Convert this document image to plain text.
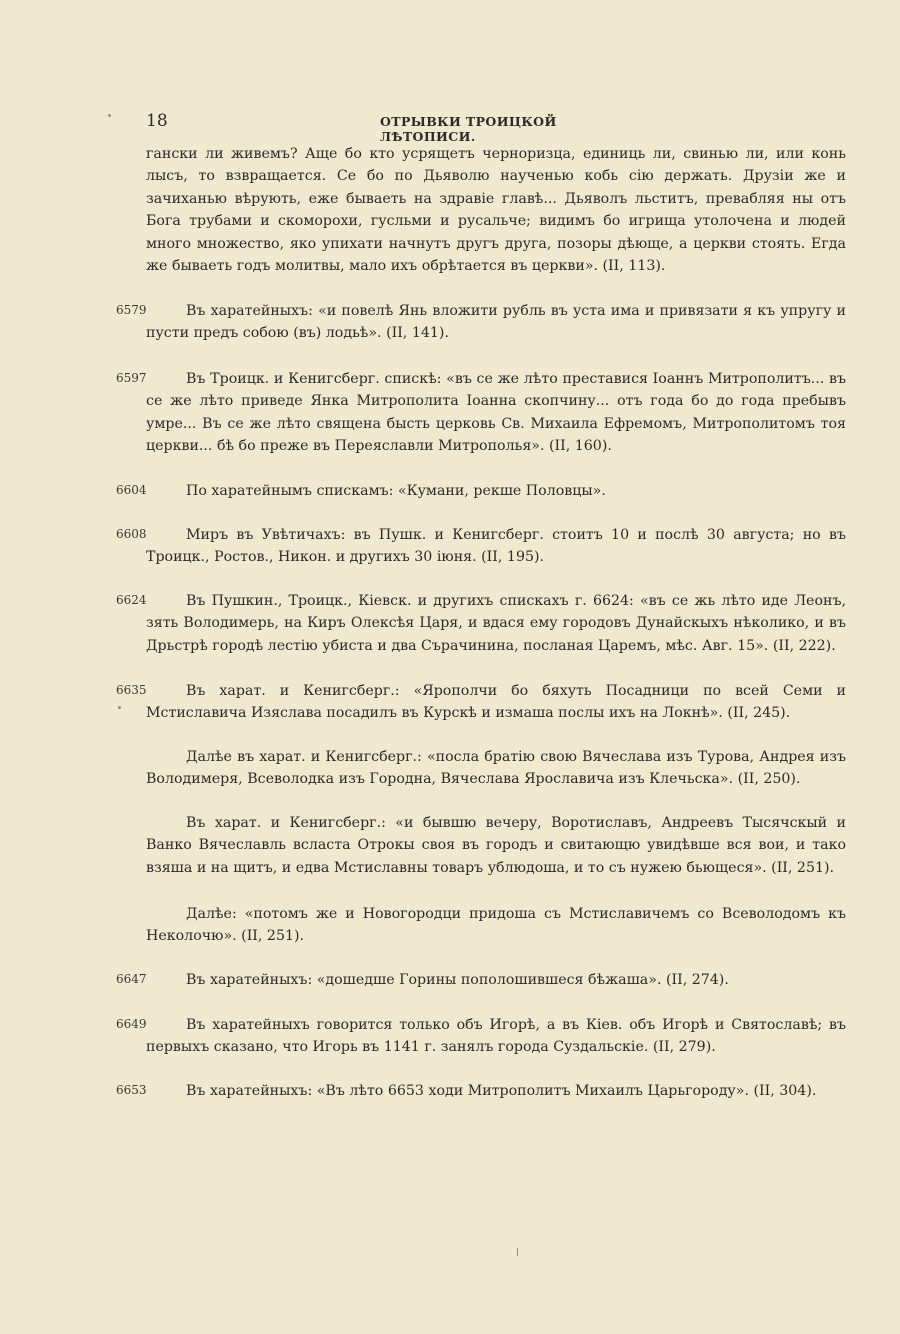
18	ОТРЫВКИ ТРОИЦКОЙ ЛѢТОПИСИ.

гански ли живемъ? Аще бо кто усрящетъ черноризца, единиць ли, свинью ли, или конь лысъ, то взвращается. Се бо по Дьяволю наученью кобь сію держать. Друзіи же и зачиханью вѣрують, еже бываеть на здравіе главѣ... Дьяволъ льститъ, превабляя ны отъ Бога трубами и скоморохи, гусльми и русальче; видимъ бо игрища утолочена и людей много множество, яко упихати начнутъ другъ друга, позоры дѣюще, а церкви стоять. Егда же бываеть годъ молитвы, мало ихъ обрѣтается въ церкви». (II, 113).

6579	Въ харатейныхъ: «и повелѣ Янь вложити рубль въ уста има и привязати я къ упругу и пусти предъ собою (въ) лодьѣ». (II, 141).

6597	Въ Троицк. и Кенигсберг. спискѣ: «въ се же лѣто преставися Іоаннъ Митрополитъ... въ се же лѣто приведе Янка Митрополита Іоанна скопчину... отъ года бо до года пребывъ умре... Въ се же лѣто священа бысть церковь Св. Михаила Ефремомъ, Митрополитомъ тоя церкви... бѣ бо преже въ Переяславли Митрополья». (II, 160).

6604	По харатейнымъ спискамъ: «Кумани, рекше Половцы».

6608	Миръ въ Увѣтичахъ: въ Пушк. и Кенигсберг. стоитъ 10 и послѣ 30 августа; но въ Троицк., Ростов., Никон. и другихъ 30 іюня. (II, 195).

6624	Въ Пушкин., Троицк., Кіевск. и другихъ спискахъ г. 6624: «въ се жь лѣто иде Леонъ, зять Володимерь, на Киръ Олексѣя Царя, и вдася ему городовъ Дунайскыхъ нѣколико, и въ Дрьстрѣ городѣ лестію убиста и два Сърачинина, посланая Царемъ, мѣс. Авг. 15». (II, 222).

6635	Въ харат. и Кенигсберг.: «Ярополчи бо бяхуть Посадници по всей Семи и Мстиславича Изяслава посадилъ въ Курскѣ и измаша послы ихъ на Локнѣ». (II, 245).

Далѣе въ харат. и Кенигсберг.: «посла братію свою Вячеслава изъ Турова, Андрея изъ Володимеря, Всеволодка изъ Городна, Вячеслава Ярославича изъ Клечьска». (II, 250).

Въ харат. и Кенигсберг.: «и бывшю вечеру, Воротиславъ, Андреевъ Тысячскый и Ванко Вячеславль всласта Отрокы своя въ городъ и свитающю увидѣвше вся вои, и тако взяша и на щитъ, и едва Мстиславны товаръ ублюдоша, и то съ нужею бьющеся». (II, 251).

Далѣе: «потомъ же и Новогородци придоша съ Мстиславичемъ со Всеволодомъ къ Неколочю». (II, 251).

6647	Въ харатейныхъ: «дошедше Горины пополошившеся бѣжаша». (II, 274).

6649	Въ харатейныхъ говорится только объ Игорѣ, а въ Кіев. объ Игорѣ и Святославѣ; въ первыхъ сказано, что Игорь въ 1141 г. занялъ города Суздальскіе. (II, 279).

6653	Въ харатейныхъ: «Въ лѣто 6653 ходи Митрополитъ Михаилъ Царьгороду». (II, 304).
